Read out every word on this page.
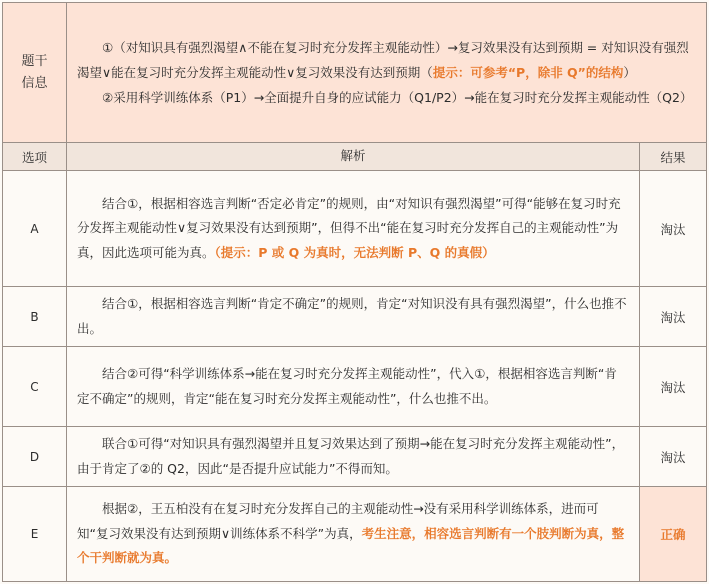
题干
信息

①（对知识具有强烈渴望∧不能在复习时充分发挥主观能动性）→复习效果没有达到预期 = 对知识没有强烈渴望∨能在复习时充分发挥主观能动性∨复习效果没有达到预期（提示：可参考“P，除非 Q”的结构）

②采用科学训练体系（P1）→全面提升自身的应试能力（Q1/P2）→能在复习时充分发挥主观能动性（Q2）

选项	解析	结果
A
结合①，根据相容选言判断“否定必肯定”的规则，由“对知识有强烈渴望”可得“能够在复习时充分发挥主观能动性∨复习效果没有达到预期”，但得不出“能在复习时充分发挥自己的主观能动性”为真，因此选项可能为真。（提示：P 或 Q 为真时，无法判断 P、Q 的真假）
淘汰
B
结合①，根据相容选言判断“肯定不确定”的规则，肯定“对知识没有具有强烈渴望”，什么也推不出。
淘汰
C
结合②可得“科学训练体系→能在复习时充分发挥主观能动性”，代入①，根据相容选言判断“肯定不确定”的规则，肯定“能在复习时充分发挥主观能动性”，什么也推不出。
淘汰
D
联合①可得“对知识具有强烈渴望并且复习效果达到了预期→能在复习时充分发挥主观能动性”，由于肯定了②的 Q2，因此“是否提升应试能力”不得而知。
淘汰
E
根据②，王五柏没有在复习时充分发挥自己的主观能动性→没有采用科学训练体系，进而可知“复习效果没有达到预期∨训练体系不科学”为真，考生注意，相容选言判断有一个肢判断为真，整个干判断就为真。
正确
